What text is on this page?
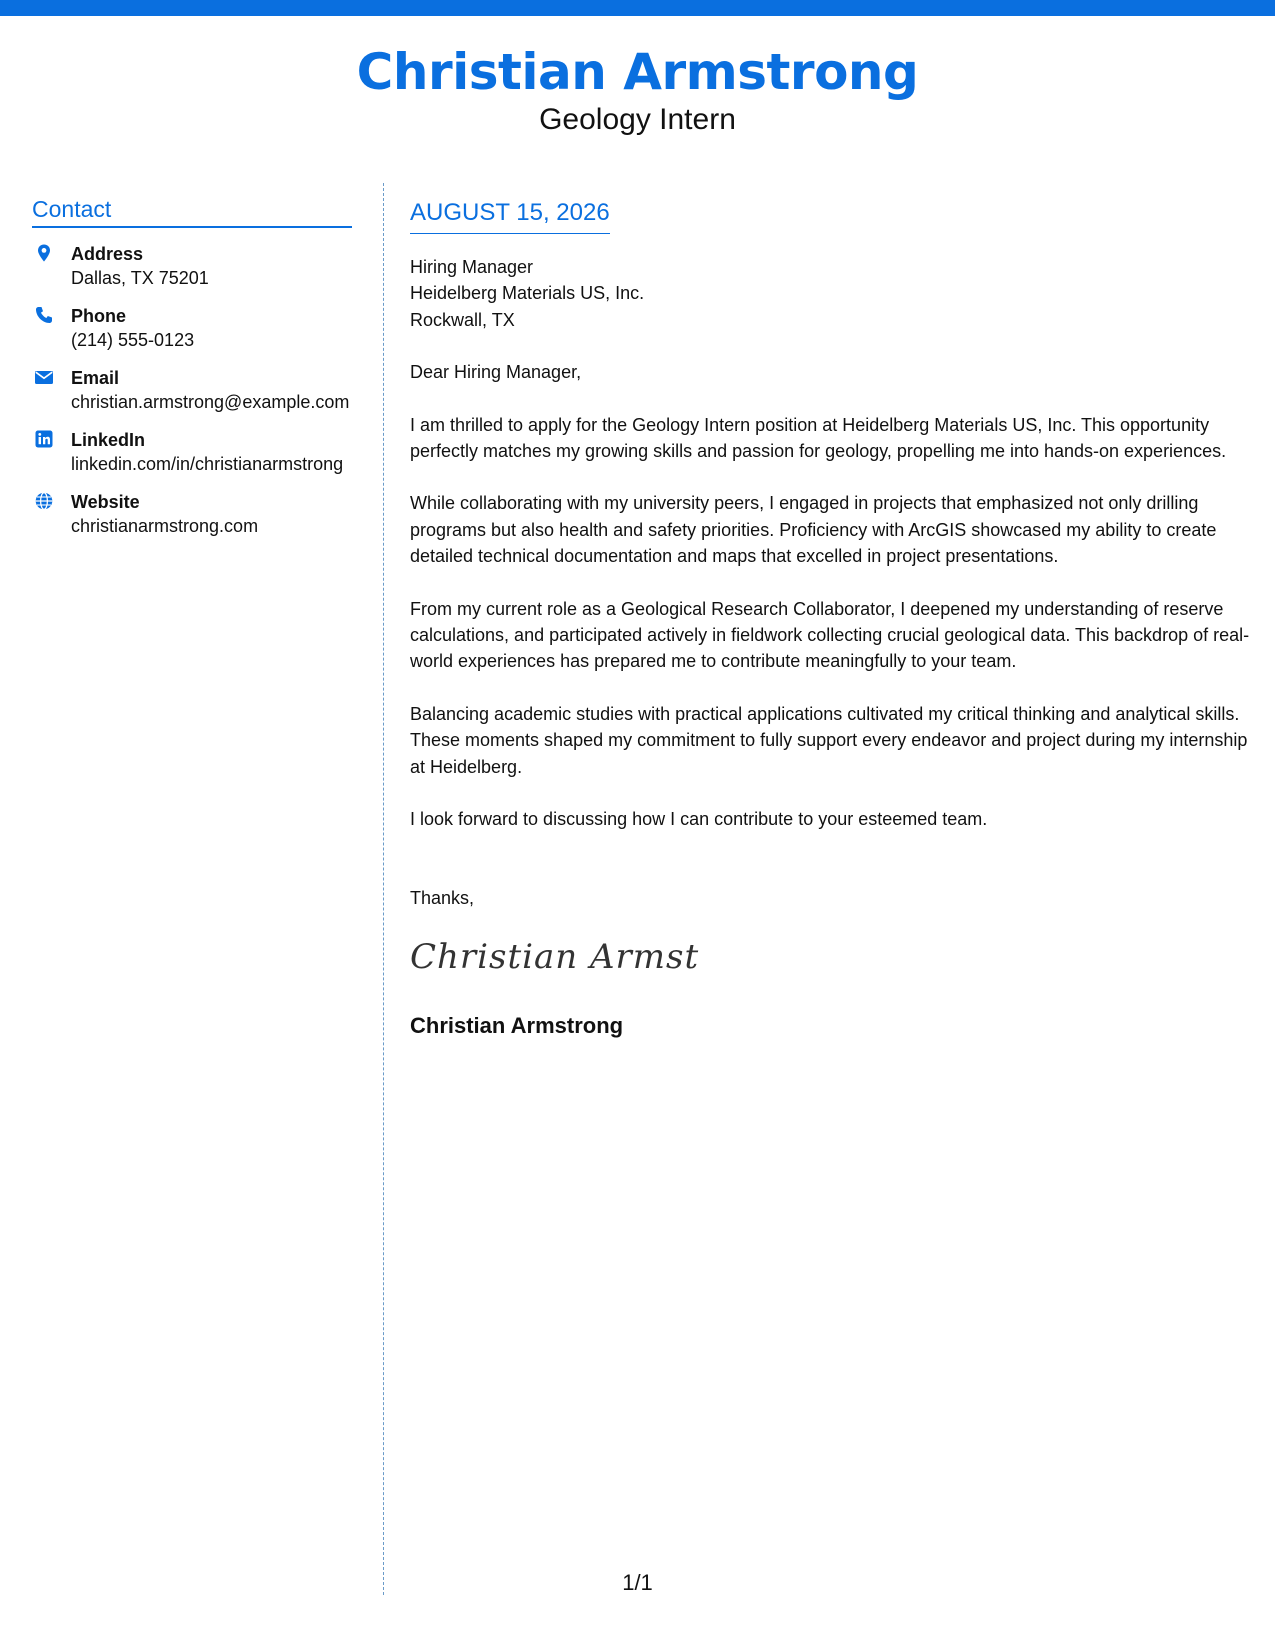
Christian Armstrong
Geology Intern
Contact
Address
Dallas, TX 75201
Phone
(214) 555-0123
Email
christian.armstrong@example.com
LinkedIn
linkedin.com/in/christianarmstrong
Website
christianarmstrong.com
AUGUST 15, 2026
Hiring Manager
Heidelberg Materials US, Inc.
Rockwall, TX
Dear Hiring Manager,
I am thrilled to apply for the Geology Intern position at Heidelberg Materials US, Inc. This opportunity perfectly matches my growing skills and passion for geology, propelling me into hands-on experiences.
While collaborating with my university peers, I engaged in projects that emphasized not only drilling programs but also health and safety priorities. Proficiency with ArcGIS showcased my ability to create detailed technical documentation and maps that excelled in project presentations.
From my current role as a Geological Research Collaborator, I deepened my understanding of reserve calculations, and participated actively in fieldwork collecting crucial geological data. This backdrop of real-world experiences has prepared me to contribute meaningfully to your team.
Balancing academic studies with practical applications cultivated my critical thinking and analytical skills. These moments shaped my commitment to fully support every endeavor and project during my internship at Heidelberg.
I look forward to discussing how I can contribute to your esteemed team.
Thanks,
Christian Armst
Christian Armstrong
1/1
